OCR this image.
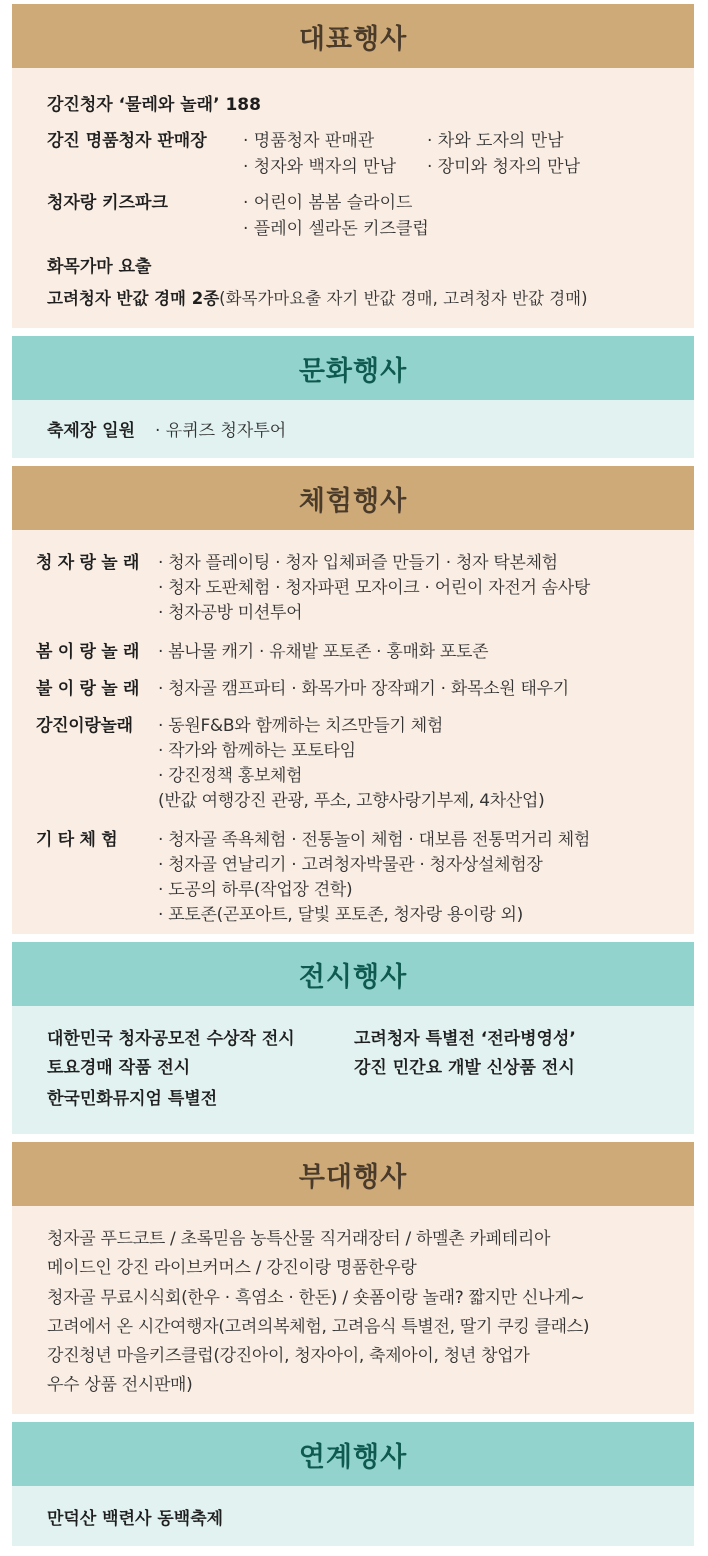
대표행사
강진청자 ‘물레와 놀래’ 188
강진 명품청자 판매장 · 명품청자 판매관	· 차와 도자의 만남
· 청자와 백자의 만남 · 장미와 청자의 만남
청자랑 키즈파크	· 어린이 봄봄 슬라이드
· 플레이 셀라돈 키즈클럽
화목가마 요출
고려청자 반값 경매 2종(화목가마요출 자기 반값 경매, 고려청자 반값 경매)
문화행사
축제장 일원 · 유퀴즈 청자투어
체험행사
청 자 랑 놀 래 · 청자 플레이팅 · 청자 입체퍼즐 만들기 · 청자 탁본체험
· 청자 도판체험 · 청자파편 모자이크 · 어린이 자전거 솜사탕
· 청자공방 미션투어
봄 이 랑 놀 래 · 봄나물 캐기 · 유채밭 포토존 · 홍매화 포토존
불 이 랑 놀 래 · 청자골 캠프파티 · 화목가마 장작패기 · 화목소원 태우기
강진이랑놀래 · 동원F&B와 함께하는 치즈만들기 체험
· 작가와 함께하는 포토타임
· 강진정책 홍보체험
(반값 여행강진 관광, 푸소, 고향사랑기부제, 4차산업)
기 타 체 험 · 청자골 족욕체험 · 전통놀이 체험 · 대보름 전통먹거리 체험
· 청자골 연날리기 · 고려청자박물관 · 청자상설체험장
· 도공의 하루(작업장 견학)
· 포토존(곤포아트, 달빛 포토존, 청자랑 용이랑 외)
전시행사
대한민국 청자공모전 수상작 전시	고려청자 특별전 ‘전라병영성’
토요경매 작품 전시	강진 민간요 개발 신상품 전시
한국민화뮤지엄 특별전
부대행사
청자골 푸드코트 / 초록믿음 농특산물 직거래장터 / 하멜촌 카페테리아
메이드인 강진 라이브커머스 / 강진이랑 명품한우랑
청자골 무료시식회(한우 · 흑염소 · 한돈) / 숏폼이랑 놀래? 짧지만 신나게~
고려에서 온 시간여행자(고려의복체험, 고려음식 특별전, 딸기 쿠킹 클래스)
강진청년 마을키즈클럽(강진아이, 청자아이, 축제아이, 청년 창업가
우수 상품 전시판매)
연계행사
만덕산 백련사 동백축제
